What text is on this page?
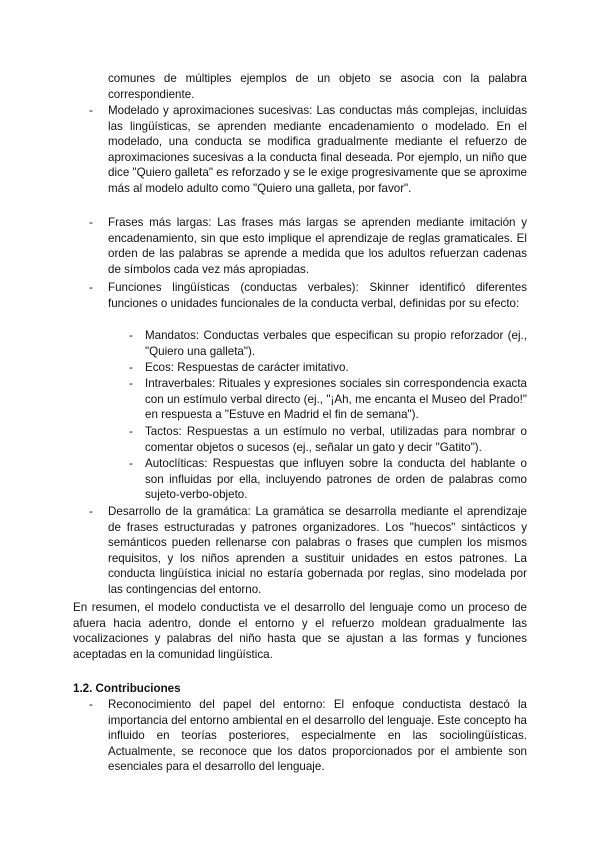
comunes de múltiples ejemplos de un objeto se asocia con la palabra correspondiente.

- Modelado y aproximaciones sucesivas: Las conductas más complejas, incluidas las lingüísticas, se aprenden mediante encadenamiento o modelado. En el modelado, una conducta se modifica gradualmente mediante el refuerzo de aproximaciones sucesivas a la conducta final deseada. Por ejemplo, un niño que dice "Quiero galleta" es reforzado y se le exige progresivamente que se aproxime más al modelo adulto como "Quiero una galleta, por favor".

- Frases más largas: Las frases más largas se aprenden mediante imitación y encadenamiento, sin que esto implique el aprendizaje de reglas gramaticales. El orden de las palabras se aprende a medida que los adultos refuerzan cadenas de símbolos cada vez más apropiadas.

- Funciones lingüísticas (conductas verbales): Skinner identificó diferentes funciones o unidades funcionales de la conducta verbal, definidas por su efecto:

- Mandatos: Conductas verbales que especifican su propio reforzador (ej., "Quiero una galleta").

- Ecos: Respuestas de carácter imitativo.

- Intraverbales: Rituales y expresiones sociales sin correspondencia exacta con un estímulo verbal directo (ej., "¡Ah, me encanta el Museo del Prado!" en respuesta a "Estuve en Madrid el fin de semana").

- Tactos: Respuestas a un estímulo no verbal, utilizadas para nombrar o comentar objetos o sucesos (ej., señalar un gato y decir "Gatito").

- Autoclíticas: Respuestas que influyen sobre la conducta del hablante o son influidas por ella, incluyendo patrones de orden de palabras como sujeto-verbo-objeto.

- Desarrollo de la gramática: La gramática se desarrolla mediante el aprendizaje de frases estructuradas y patrones organizadores. Los "huecos" sintácticos y semánticos pueden rellenarse con palabras o frases que cumplen los mismos requisitos, y los niños aprenden a sustituir unidades en estos patrones. La conducta lingüística inicial no estaría gobernada por reglas, sino modelada por las contingencias del entorno.

En resumen, el modelo conductista ve el desarrollo del lenguaje como un proceso de afuera hacia adentro, donde el entorno y el refuerzo moldean gradualmente las vocalizaciones y palabras del niño hasta que se ajustan a las formas y funciones aceptadas en la comunidad lingüística.

1.2. Contribuciones
- Reconocimiento del papel del entorno: El enfoque conductista destacó la importancia del entorno ambiental en el desarrollo del lenguaje. Este concepto ha influido en teorías posteriores, especialmente en las sociolingüísticas. Actualmente, se reconoce que los datos proporcionados por el ambiente son esenciales para el desarrollo del lenguaje.
